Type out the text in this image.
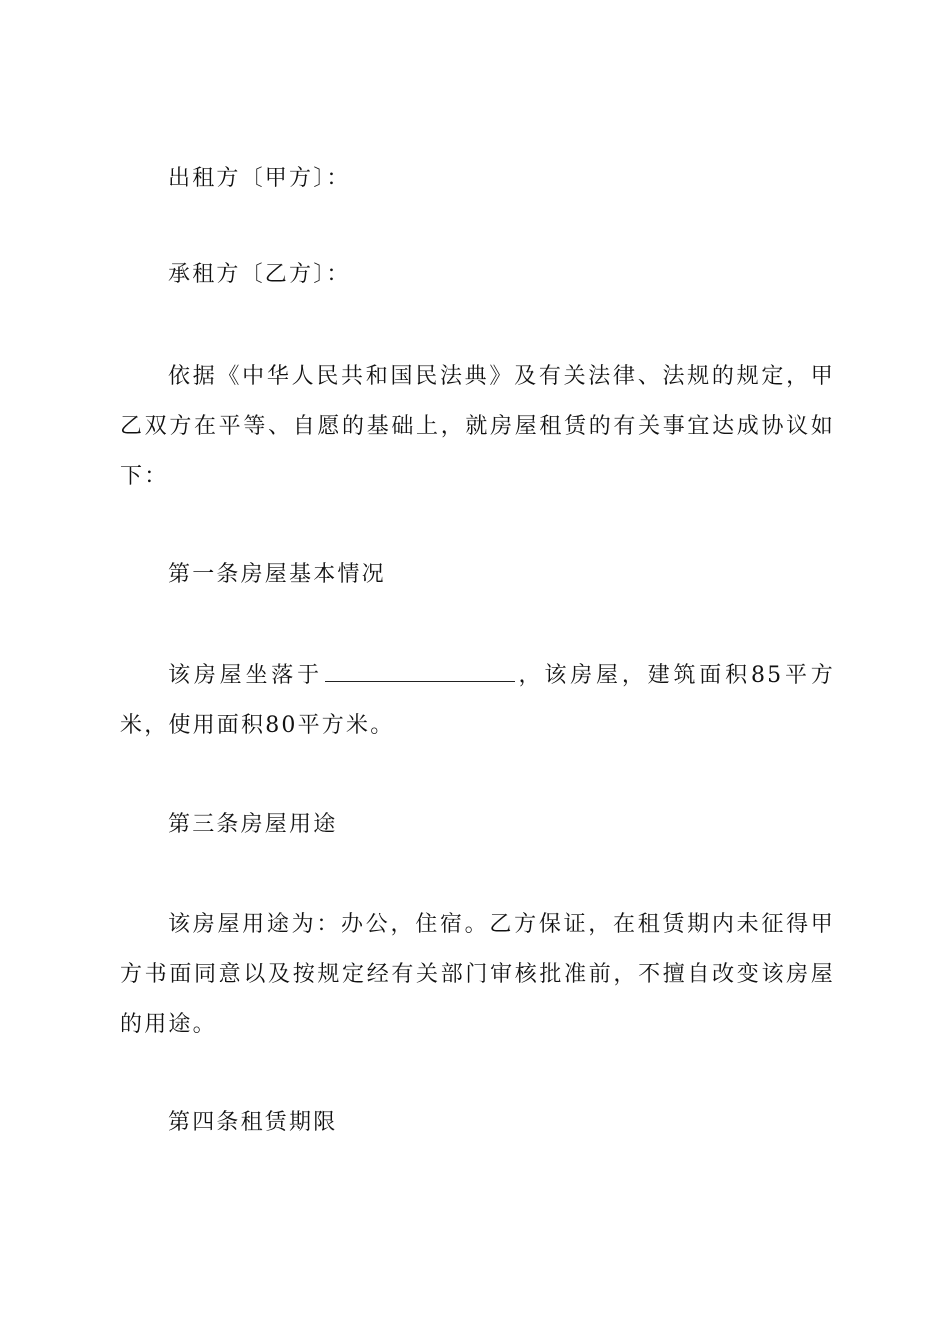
出租方〔甲方〕：

承租方〔乙方〕：

依据《中华人民共和国民法典》及有关法律、法规的规定，甲乙双方在平等、自愿的基础上，就房屋租赁的有关事宜达成协议如下：

第一条房屋基本情况

该房屋坐落于	，该房屋，建筑面积85平方米，使用面积80平方米。

第三条房屋用途

该房屋用途为：办公，住宿。乙方保证，在租赁期内未征得甲方书面同意以及按规定经有关部门审核批准前，不擅自改变该房屋的用途。

第四条租赁期限
